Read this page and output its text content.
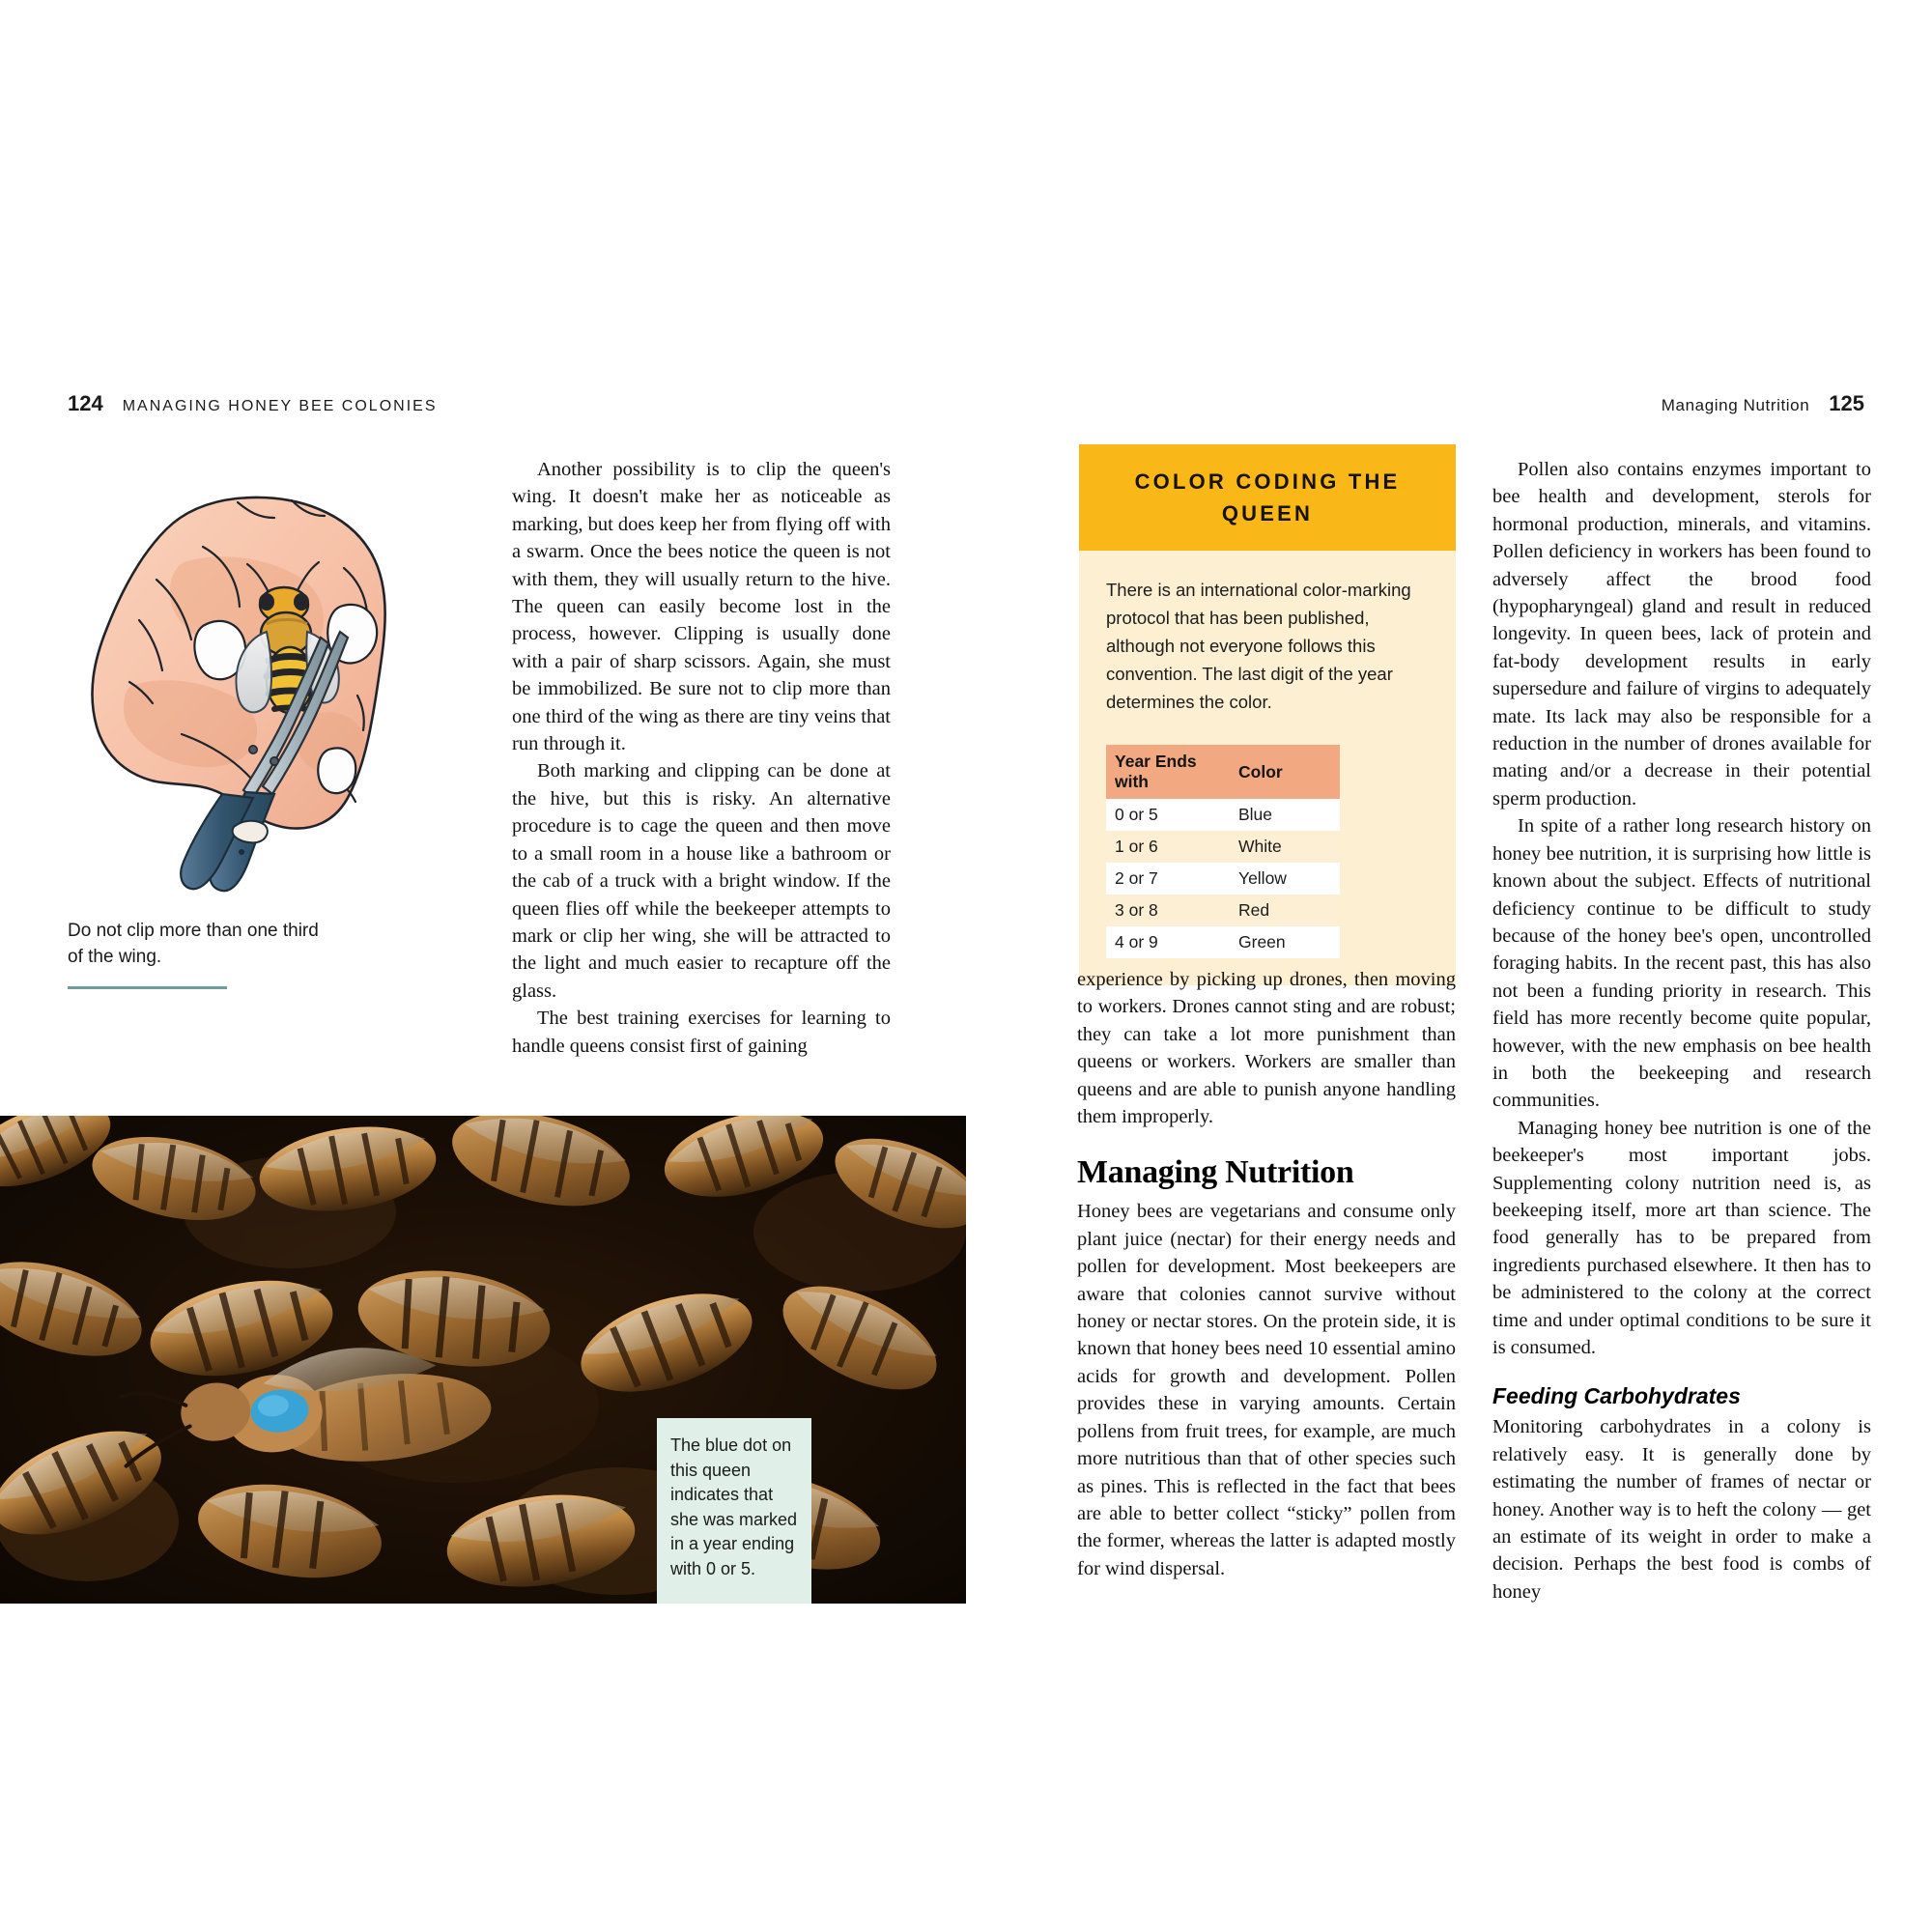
124 MANAGING HONEY BEE COLONIES	Managing Nutrition 125
Do not clip more than one third of the wing.

Another possibility is to clip the queen's wing. It doesn't make her as noticeable as marking, but does keep her from flying off with a swarm. Once the bees notice the queen is not with them, they will usually return to the hive. The queen can easily become lost in the process, however. Clipping is usually done with a pair of sharp scissors. Again, she must be immobilized. Be sure not to clip more than one third of the wing as there are tiny veins that run through it.

Both marking and clipping can be done at the hive, but this is risky. An alternative procedure is to cage the queen and then move to a small room in a house like a bathroom or the cab of a truck with a bright window. If the queen flies off while the beekeeper attempts to mark or clip her wing, she will be attracted to the light and much easier to recapture off the glass.

The best training exercises for learning to handle queens consist first of gaining

The blue dot on this queen indicates that she was marked in a year ending with 0 or 5.
COLOR CODING THE QUEEN
There is an international color-marking protocol that has been published, although not everyone follows this convention. The last digit of the year determines the color.
Year Ends with	Color
0 or 5	Blue
1 or 6	White
2 or 7	Yellow
3 or 8	Red
4 or 9	Green

experience by picking up drones, then moving to workers. Drones cannot sting and are robust; they can take a lot more punishment than queens or workers. Workers are smaller than queens and are able to punish anyone handling them improperly.

Managing Nutrition

Honey bees are vegetarians and consume only plant juice (nectar) for their energy needs and pollen for development. Most beekeepers are aware that colonies cannot survive without honey or nectar stores. On the protein side, it is known that honey bees need 10 essential amino acids for growth and development. Pollen provides these in varying amounts. Certain pollens from fruit trees, for example, are much more nutritious than that of other species such as pines. This is reflected in the fact that bees are able to better collect “sticky” pollen from the former, whereas the latter is adapted mostly for wind dispersal.

Pollen also contains enzymes important to bee health and development, sterols for hormonal production, minerals, and vitamins. Pollen deficiency in workers has been found to adversely affect the brood food (hypopharyngeal) gland and result in reduced longevity. In queen bees, lack of protein and fat-body development results in early supersedure and failure of virgins to adequately mate. Its lack may also be responsible for a reduction in the number of drones available for mating and/or a decrease in their potential sperm production.

In spite of a rather long research history on honey bee nutrition, it is surprising how little is known about the subject. Effects of nutritional deficiency continue to be difficult to study because of the honey bee's open, uncontrolled foraging habits. In the recent past, this has also not been a funding priority in research. This field has more recently become quite popular, however, with the new emphasis on bee health in both the beekeeping and research communities.

Managing honey bee nutrition is one of the beekeeper's most important jobs. Supplementing colony nutrition need is, as beekeeping itself, more art than science. The food generally has to be prepared from ingredients purchased elsewhere. It then has to be administered to the colony at the correct time and under optimal conditions to be sure it is consumed.

Feeding Carbohydrates

Monitoring carbohydrates in a colony is relatively easy. It is generally done by estimating the number of frames of nectar or honey. Another way is to heft the colony — get an estimate of its weight in order to make a decision. Perhaps the best food is combs of honey
